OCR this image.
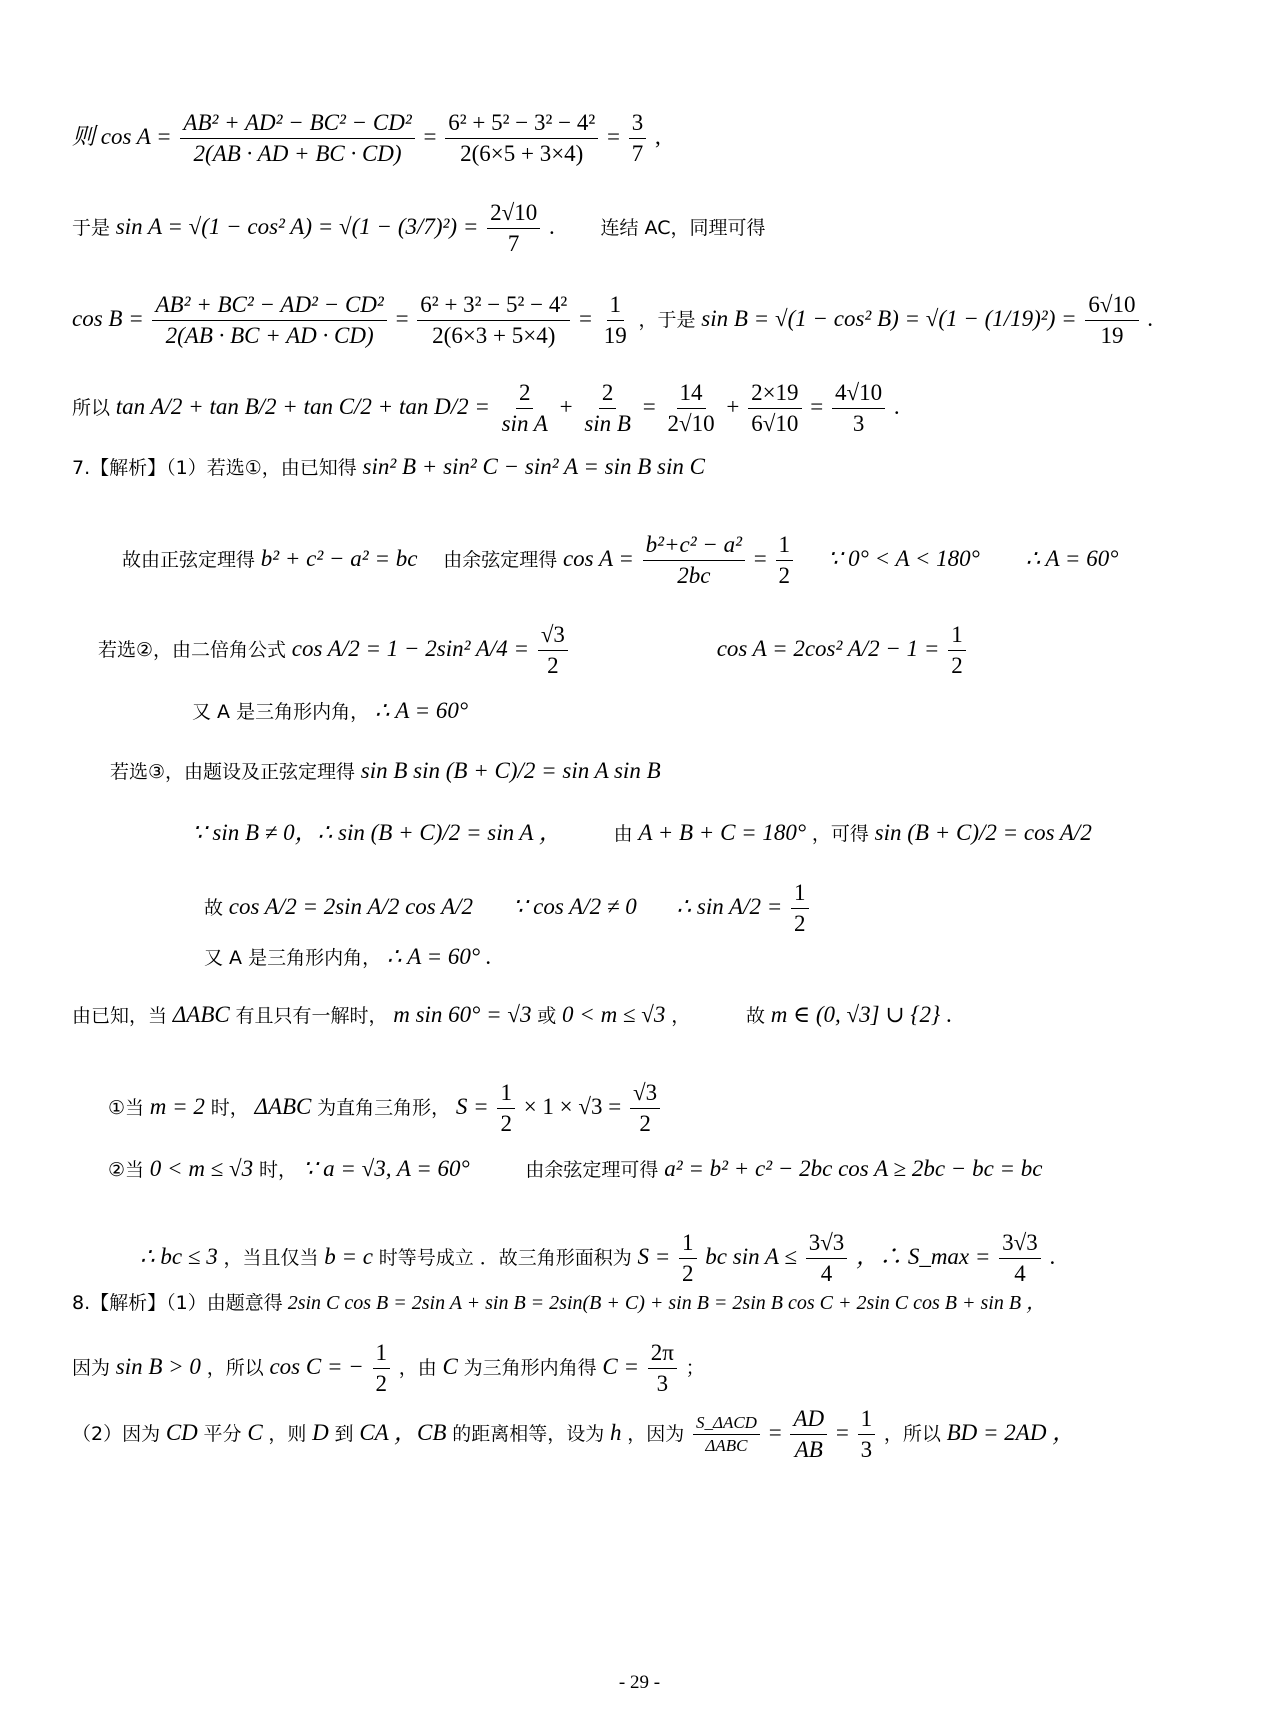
则 $\cos A = \frac{\text{AB² + AD² − BC² − CD²}}{2(AB \cdot AD + BC \cdot CD)} = \frac{\text{6² + 5² − 3² − 4²}}{2(6\times 5 + 3\times 4)} = \frac{3}{7}$ ,
于是 sin A = √(1 − cos² $A) = √(1 - (3/7)^2) = \frac{2√10}{7}$ . 连结 AC，同理可得
$\cos B = \frac{\text{AB² + BC² − AD² − CD²}}{2(AB \cdot BC + AD \cdot CD)} = \frac{\text{6² + 3² − 5² − 4²}}{2(6\times 3 + 5\times 4)} = \frac{1}{19}$ ，于是 sin B = √(1 − cos² $B) = √(1 - (1/19)^2) = \frac{6√10}{19}$ .
所以 $\tan A/2 + \tan B/2 + \tan C/2 + \tan D/2 = \frac{2}{\text{sin A}} + \frac{2}{\text{sin B}} = \frac{14}{2√10} + \frac{2\times 19}{6√10} = \frac{4√10}{3}$ .
7.【解析】（1）若选①，由已知得 sin² B + sin² C − sin² A = sin B sin C
故由正弦定理得 b² + c² − a² = bc 由余弦定理得 $\cos A = \frac{\text{b²+c² − a²}}{2bc} = \frac{1}{2}$ ∵ 0° < A < 180° ∴ A = 60°
若选②，由二倍角公式 cos A/2 = 1 − 2sin² $A/4 = \frac{√3}{2}$	cos A = 2cos² $A/2 - 1 = \frac{1}{2}$
又 A 是三角形内角， ∴ A = 60°
若选③，由题设及正弦定理得 sin B sin (B + C)/2 = sin A sin B
∵ sin B ≠ 0，∴ sin (B + C)/2 = sin A ，	由 A + B + C = 180° ，可得 sin (B + C)/2 = cos A/2
故 cos A/2 = 2sin A/2 cos A/2 ∵ cos A/2 ≠ 0 ∴ $\sin A/2 = \frac{1}{2}$
又 A 是三角形内角， ∴ A = 60° .
由已知，当 ΔABC 有且只有一解时， m sin 60° = √3 或 0 < m ≤ √3 ，	故 m ∈ (0, √3] ∪ {2} .
①当 m = 2 时， ΔABC 为直角三角形， $S = \frac{1}{2} \times 1 \times √3 = \frac{√3}{2}$
②当 0 < m ≤ √3 时， ∵ a = √3, A = 60°	由余弦定理可得 a² = b² + c² − 2bc cos A ≥ 2bc − bc = bc
∴ bc ≤ 3 ，当且仅当 b = c 时等号成立 ．故三角形面积为 $S = \frac{1}{2}$ bc $\sin A \le \frac{3√3}{4}$ ，∴ S_max = $\frac{3√3}{4}$ .
8.【解析】（1）由题意得 2sin C cos B = 2sin A + sin B = 2sin(B + C) + sin B = 2sin B cos C + 2sin C cos B + sin B ，
因为 sin B > 0 ，所以 cos C = − $\frac{1}{2}$ ，由 C 为三角形内角得 $C = \frac{2\pi}{3}$ ；
（2）因为 CD 平分 C ，则 D 到 CA ，CB 的距离相等，设为 h ，因为 $\frac{\text{S\_ΔACD}}{\text{ΔABC}} = \frac{AD}{AB} = \frac{1}{3}$ ，所以 BD = 2AD ，
- 29 -
